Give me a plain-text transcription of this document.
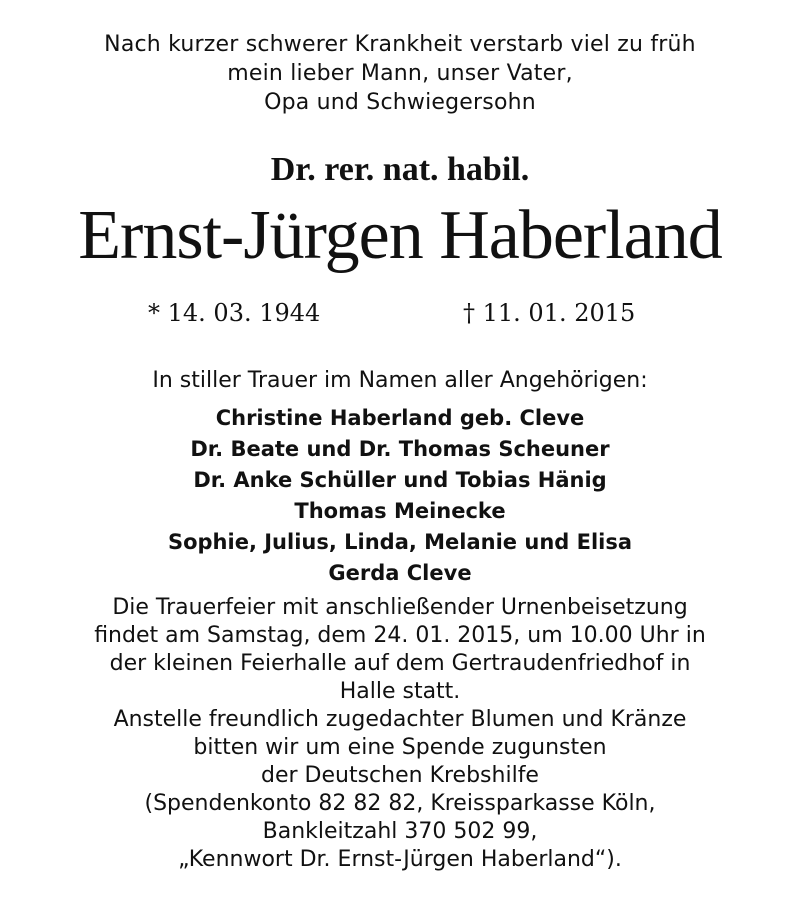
Nach kurzer schwerer Krankheit verstarb viel zu früh
mein lieber Mann, unser Vater,
Opa und Schwiegersohn
Dr. rer. nat. habil.
Ernst-Jürgen Haberland
* 14. 03. 1944	† 11. 01. 2015
In stiller Trauer im Namen aller Angehörigen:
Christine Haberland geb. Cleve
Dr. Beate und Dr. Thomas Scheuner
Dr. Anke Schüller und Tobias Hänig
Thomas Meinecke
Sophie, Julius, Linda, Melanie und Elisa
Gerda Cleve
Die Trauerfeier mit anschließender Urnenbeisetzung
findet am Samstag, dem 24. 01. 2015, um 10.00 Uhr in
der kleinen Feierhalle auf dem Gertraudenfriedhof in
Halle statt.
Anstelle freundlich zugedachter Blumen und Kränze
bitten wir um eine Spende zugunsten
der Deutschen Krebshilfe
(Spendenkonto 82 82 82, Kreissparkasse Köln,
Bankleitzahl 370 502 99,
„Kennwort Dr. Ernst-Jürgen Haberland“).
